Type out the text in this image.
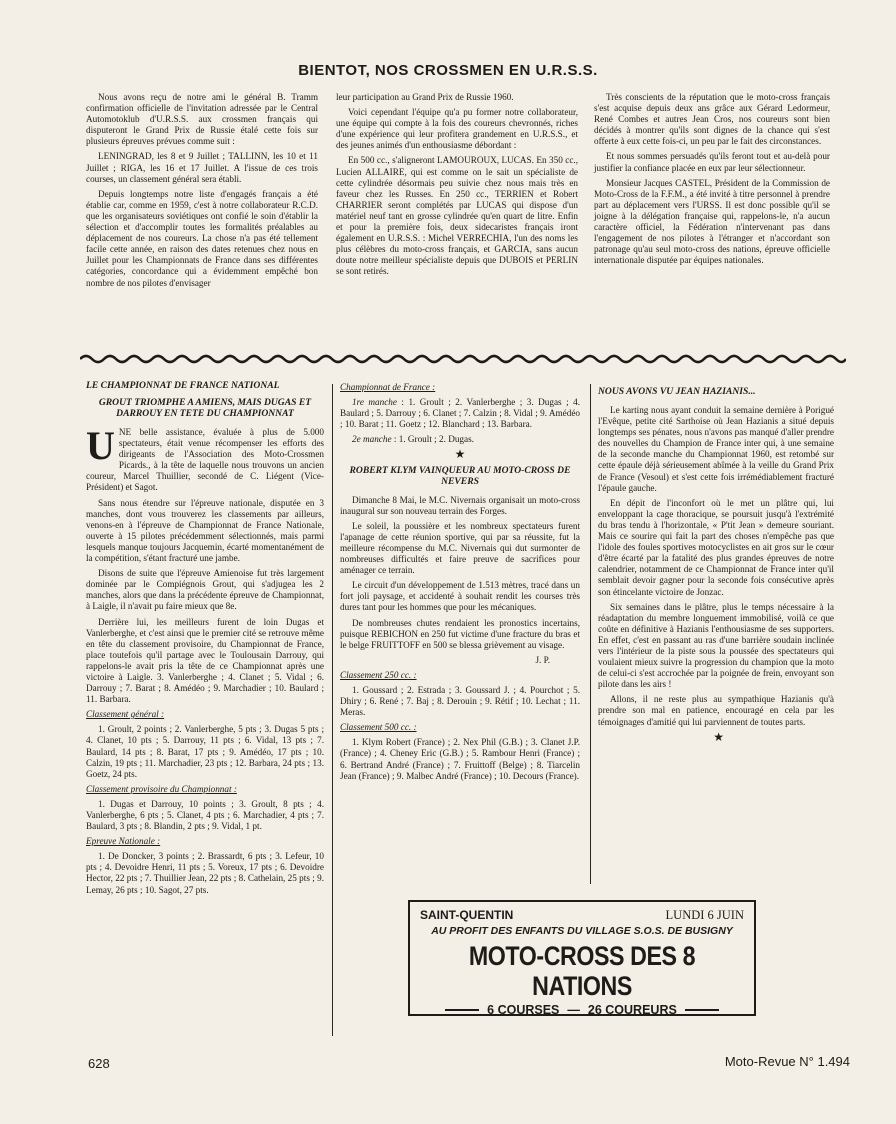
BIENTOT, NOS CROSSMEN EN U.R.S.S.

Nous avons reçu de notre ami le général B. Tramm confirmation officielle de l'invitation adressée par le Central Automotoklub d'U.R.S.S. aux crossmen français qui disputeront le Grand Prix de Russie étalé cette fois sur plusieurs épreuves prévues comme suit :

LENINGRAD, les 8 et 9 Juillet ; TALLINN, les 10 et 11 Juillet ; RIGA, les 16 et 17 Juillet. A l'issue de ces trois courses, un classement général sera établi.

Depuis longtemps notre liste d'engagés français a été établie car, comme en 1959, c'est à notre collaborateur R.C.D. que les organisateurs soviétiques ont confié le soin d'établir la sélection et d'accomplir toutes les formalités préalables au déplacement de nos coureurs. La chose n'a pas été tellement facile cette année, en raison des dates retenues chez nous en Juillet pour les Championnats de France dans ses différentes catégories, concordance qui a évidemment empêché bon nombre de nos pilotes d'envisager

leur participation au Grand Prix de Russie 1960.

Voici cependant l'équipe qu'a pu former notre collaborateur, une équipe qui compte à la fois des coureurs chevronnés, riches d'une expérience qui leur profitera grandement en U.R.S.S., et des jeunes animés d'un enthousiasme débordant :

En 500 cc., s'aligneront LAMOUROUX, LUCAS. En 350 cc., Lucien ALLAIRE, qui est comme on le sait un spécialiste de cette cylindrée désormais peu suivie chez nous mais très en faveur chez les Russes. En 250 cc., TERRIEN et Robert CHARRIER seront complétés par LUCAS qui dispose d'un matériel neuf tant en grosse cylindrée qu'en quart de litre. Enfin et pour la première fois, deux sidecaristes français iront également en U.R.S.S. : Michel VERRECHIA, l'un des noms les plus célèbres du moto-cross français, et GARCIA, sans aucun doute notre meilleur spécialiste depuis que DUBOIS et PERLIN se sont retirés.

Très conscients de la réputation que le moto-cross français s'est acquise depuis deux ans grâce aux Gérard Ledormeur, René Combes et autres Jean Cros, nos coureurs sont bien décidés à montrer qu'ils sont dignes de la chance qui s'est offerte à eux cette fois-ci, un peu par le fait des circonstances.

Et nous sommes persuadés qu'ils feront tout et au-delà pour justifier la confiance placée en eux par leur sélectionneur.

Monsieur Jacques CASTEL, Président de la Commission de Moto-Cross de la F.F.M., a été invité à titre personnel à prendre part au déplacement vers l'URSS. Il est donc possible qu'il se joigne à la délégation française qui, rappelons-le, n'a aucun caractère officiel, la Fédération n'intervenant pas dans l'engagement de nos pilotes à l'étranger et n'accordant son patronage qu'au seul moto-cross des nations, épreuve officielle internationale disputée par équipes nationales.

LE CHAMPIONNAT DE FRANCE NATIONAL
GROUT TRIOMPHE A AMIENS, MAIS DUGAS ET DARROUY EN TETE DU CHAMPIONNAT

UNE belle assistance, évaluée à plus de 5.000 spectateurs, était venue récompenser les efforts des dirigeants de l'Association des Moto-Crossmen Picards., à la tête de laquelle nous trouvons un ancien coureur, Marcel Thuillier, secondé de C. Liégent (Vice-Président) et Sagot.

Sans nous étendre sur l'épreuve nationale, disputée en 3 manches, dont vous trouverez les classements par ailleurs, venons-en à l'épreuve de Championnat de France Nationale, ouverte à 15 pilotes précédemment sélectionnés, mais parmi lesquels manque toujours Jacquemin, écarté momentanément de la compétition, s'étant fracturé une jambe.

Disons de suite que l'épreuve Amienoise fut très largement dominée par le Compiégnois Grout, qui s'adjugea les 2 manches, alors que dans la précédente épreuve de Championnat, à Laigle, il n'avait pu faire mieux que 8e.

Derrière lui, les meilleurs furent de loin Dugas et Vanlerberghe, et c'est ainsi que le premier cité se retrouve même en tête du classement provisoire, du Championnat de France, place toutefois qu'il partage avec le Toulousain Darrouy, qui rappelons-le avait pris la tête de ce Championnat après une victoire à Laigle. 3. Vanlerberghe ; 4. Clanet ; 5. Vidal ; 6. Darrouy ; 7. Barat ; 8. Amédéo ; 9. Marchadier ; 10. Baulard ; 11. Barbara.

Classement général :

1. Groult, 2 points ; 2. Vanlerberghe, 5 pts ; 3. Dugas 5 pts ; 4. Clanet, 10 pts ; 5. Darrouy, 11 pts ; 6. Vidal, 13 pts ; 7. Baulard, 14 pts ; 8. Barat, 17 pts ; 9. Amédéo, 17 pts ; 10. Calzin, 19 pts ; 11. Marchadier, 23 pts ; 12. Barbara, 24 pts ; 13. Goetz, 24 pts.

Classement provisoire du Championnat :

1. Dugas et Darrouy, 10 points ; 3. Groult, 8 pts ; 4. Vanlerberghe, 6 pts ; 5. Clanet, 4 pts ; 6. Marchadier, 4 pts ; 7. Baulard, 3 pts ; 8. Blandin, 2 pts ; 9. Vidal, 1 pt.

Epreuve Nationale :

1. De Doncker, 3 points ; 2. Brassardt, 6 pts ; 3. Lefeur, 10 pts ; 4. Devoidre Henri, 11 pts ; 5. Voreux, 17 pts ; 6. Devoidre Hector, 22 pts ; 7. Thuillier Jean, 22 pts ; 8. Cathelain, 25 pts ; 9. Lemay, 26 pts ; 10. Sagot, 27 pts.

Championnat de France :

1re manche : 1. Groult ; 2. Vanlerberghe ; 3. Dugas ; 4. Baulard ; 5. Darrouy ; 6. Clanet ; 7. Calzin ; 8. Vidal ; 9. Amédéo ; 10. Barat ; 11. Goetz ; 12. Blanchard ; 13. Barbara.

2e manche : 1. Groult ; 2. Dugas.

★
ROBERT KLYM VAINQUEUR AU MOTO-CROSS DE NEVERS

Dimanche 8 Mai, le M.C. Nivernais organisait un moto-cross inaugural sur son nouveau terrain des Forges.

Le soleil, la poussière et les nombreux spectateurs furent l'apanage de cette réunion sportive, qui par sa réussite, fut la meilleure récompense du M.C. Nivernais qui dut surmonter de nombreuses difficultés et faire preuve de sacrifices pour aménager ce terrain.

Le circuit d'un développement de 1.513 mètres, tracé dans un fort joli paysage, et accidenté à souhait rendit les courses très dures tant pour les hommes que pour les mécaniques.

De nombreuses chutes rendaient les pronostics incertains, puisque REBICHON en 250 fut victime d'une fracture du bras et le belge FRUITTOFF en 500 se blessa grièvement au visage.

J. P.

Classement 250 cc. :

1. Goussard ; 2. Estrada ; 3. Goussard J. ; 4. Pourchot ; 5. Dhiry ; 6. René ; 7. Baj ; 8. Derouin ; 9. Rétif ; 10. Lechat ; 11. Meras.

Classement 500 cc. :

1. Klym Robert (France) ; 2. Nex Phil (G.B.) ; 3. Clanet J.P. (France) ; 4. Cheney Eric (G.B.) ; 5. Rambour Henri (France) ; 6. Bertrand André (France) ; 7. Fruittoff (Belge) ; 8. Tiarcelin Jean (France) ; 9. Malbec André (France) ; 10. Decours (France).

NOUS AVONS VU JEAN HAZIANIS...

Le karting nous ayant conduit la semaine dernière à Porigué l'Evêque, petite cité Sarthoise où Jean Hazianis a situé depuis longtemps ses pénates, nous n'avons pas manqué d'aller prendre des nouvelles du Champion de France inter qui, à une semaine de la seconde manche du Championnat 1960, est retombé sur cette épaule déjà sérieusement abîmée à la veille du Grand Prix de France (Vesoul) et s'est cette fois irrémédiablement fracturé l'épaule gauche.

En dépit de l'inconfort où le met un plâtre qui, lui enveloppant la cage thoracique, se poursuit jusqu'à l'extrémité du bras tendu à l'horizontale, « P'tit Jean » demeure souriant. Mais ce sourire qui fait la part des choses n'empêche pas que l'idole des foules sportives motocyclistes en ait gros sur le cœur d'être écarté par la fatalité des plus grandes épreuves de notre calendrier, notamment de ce Championnat de France inter qu'il semblait devoir gagner pour la seconde fois consécutive après son étincelante victoire de Jonzac.

Six semaines dans le plâtre, plus le temps nécessaire à la réadaptation du membre longuement immobilisé, voilà ce que coûte en définitive à Hazianis l'enthousiasme de ses supporters. En effet, c'est en passant au ras d'une barrière soudain inclinée vers l'intérieur de la piste sous la poussée des spectateurs qui voulaient mieux suivre la progression du champion que la moto de celui-ci s'est accrochée par la poignée de frein, envoyant son pilote dans les airs !

Allons, il ne reste plus au sympathique Hazianis qu'à prendre son mal en patience, encouragé en cela par les témoignages d'amitié qui lui parviennent de toutes parts.

★
SAINT-QUENTIN	LUNDI 6 JUIN
AU PROFIT DES ENFANTS DU VILLAGE S.O.S. DE BUSIGNY
MOTO-CROSS DES 8 NATIONS
6 COURSES — 26 COUREURS
628	Moto-Revue N° 1.494
